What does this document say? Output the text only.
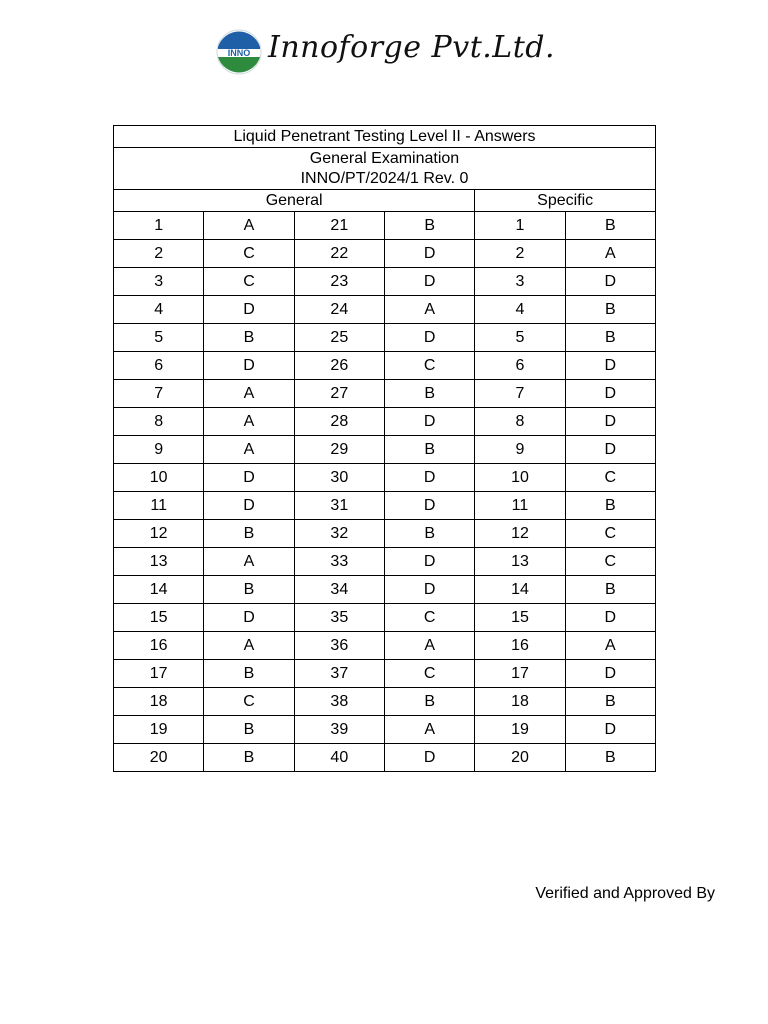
INNO Innoforge Pvt.Ltd.
Liquid Penetrant Testing Level II - Answers					

General Examination
INNO/PT/2024/1 Rev. 0					

General				Specific	
1	A	21	B	1	B
2	C	22	D	2	A
3	C	23	D	3	D
4	D	24	A	4	B
5	B	25	D	5	B
6	D	26	C	6	D
7	A	27	B	7	D
8	A	28	D	8	D
9	A	29	B	9	D
10	D	30	D	10	C
11	D	31	D	11	B
12	B	32	B	12	C
13	A	33	D	13	C
14	B	34	D	14	B
15	D	35	C	15	D
16	A	36	A	16	A
17	B	37	C	17	D
18	C	38	B	18	B
19	B	39	A	19	D
20	B	40	D	20	B
Verified and Approved By
